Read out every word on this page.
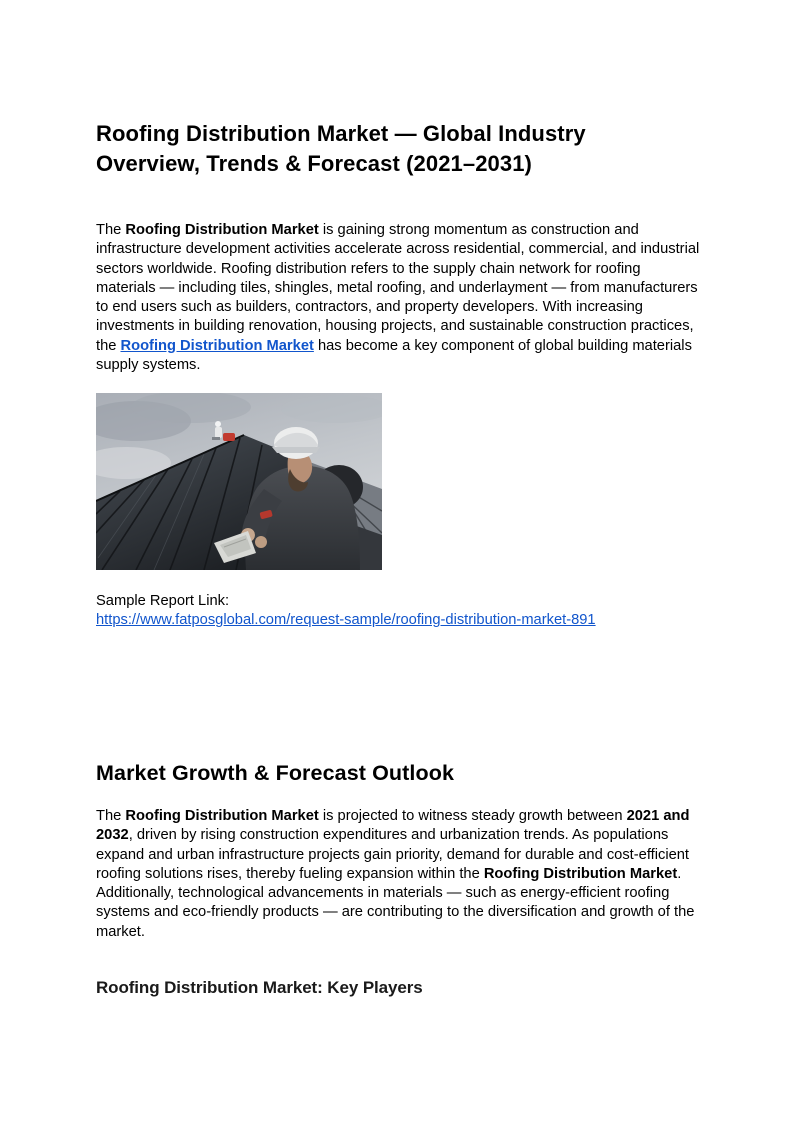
Roofing Distribution Market — Global Industry Overview, Trends & Forecast (2021–2031)

The Roofing Distribution Market is gaining strong momentum as construction and infrastructure development activities accelerate across residential, commercial, and industrial sectors worldwide. Roofing distribution refers to the supply chain network for roofing materials — including tiles, shingles, metal roofing, and underlayment — from manufacturers to end users such as builders, contractors, and property developers. With increasing investments in building renovation, housing projects, and sustainable construction practices, the Roofing Distribution Market has become a key component of global building materials supply systems.

Sample Report Link:
https://www.fatposglobal.com/request-sample/roofing-distribution-market-891
Market Growth & Forecast Outlook

The Roofing Distribution Market is projected to witness steady growth between 2021 and 2032, driven by rising construction expenditures and urbanization trends. As populations expand and urban infrastructure projects gain priority, demand for durable and cost-efficient roofing solutions rises, thereby fueling expansion within the Roofing Distribution Market. Additionally, technological advancements in materials — such as energy-efficient roofing systems and eco-friendly products — are contributing to the diversification and growth of the market.

Roofing Distribution Market: Key Players
